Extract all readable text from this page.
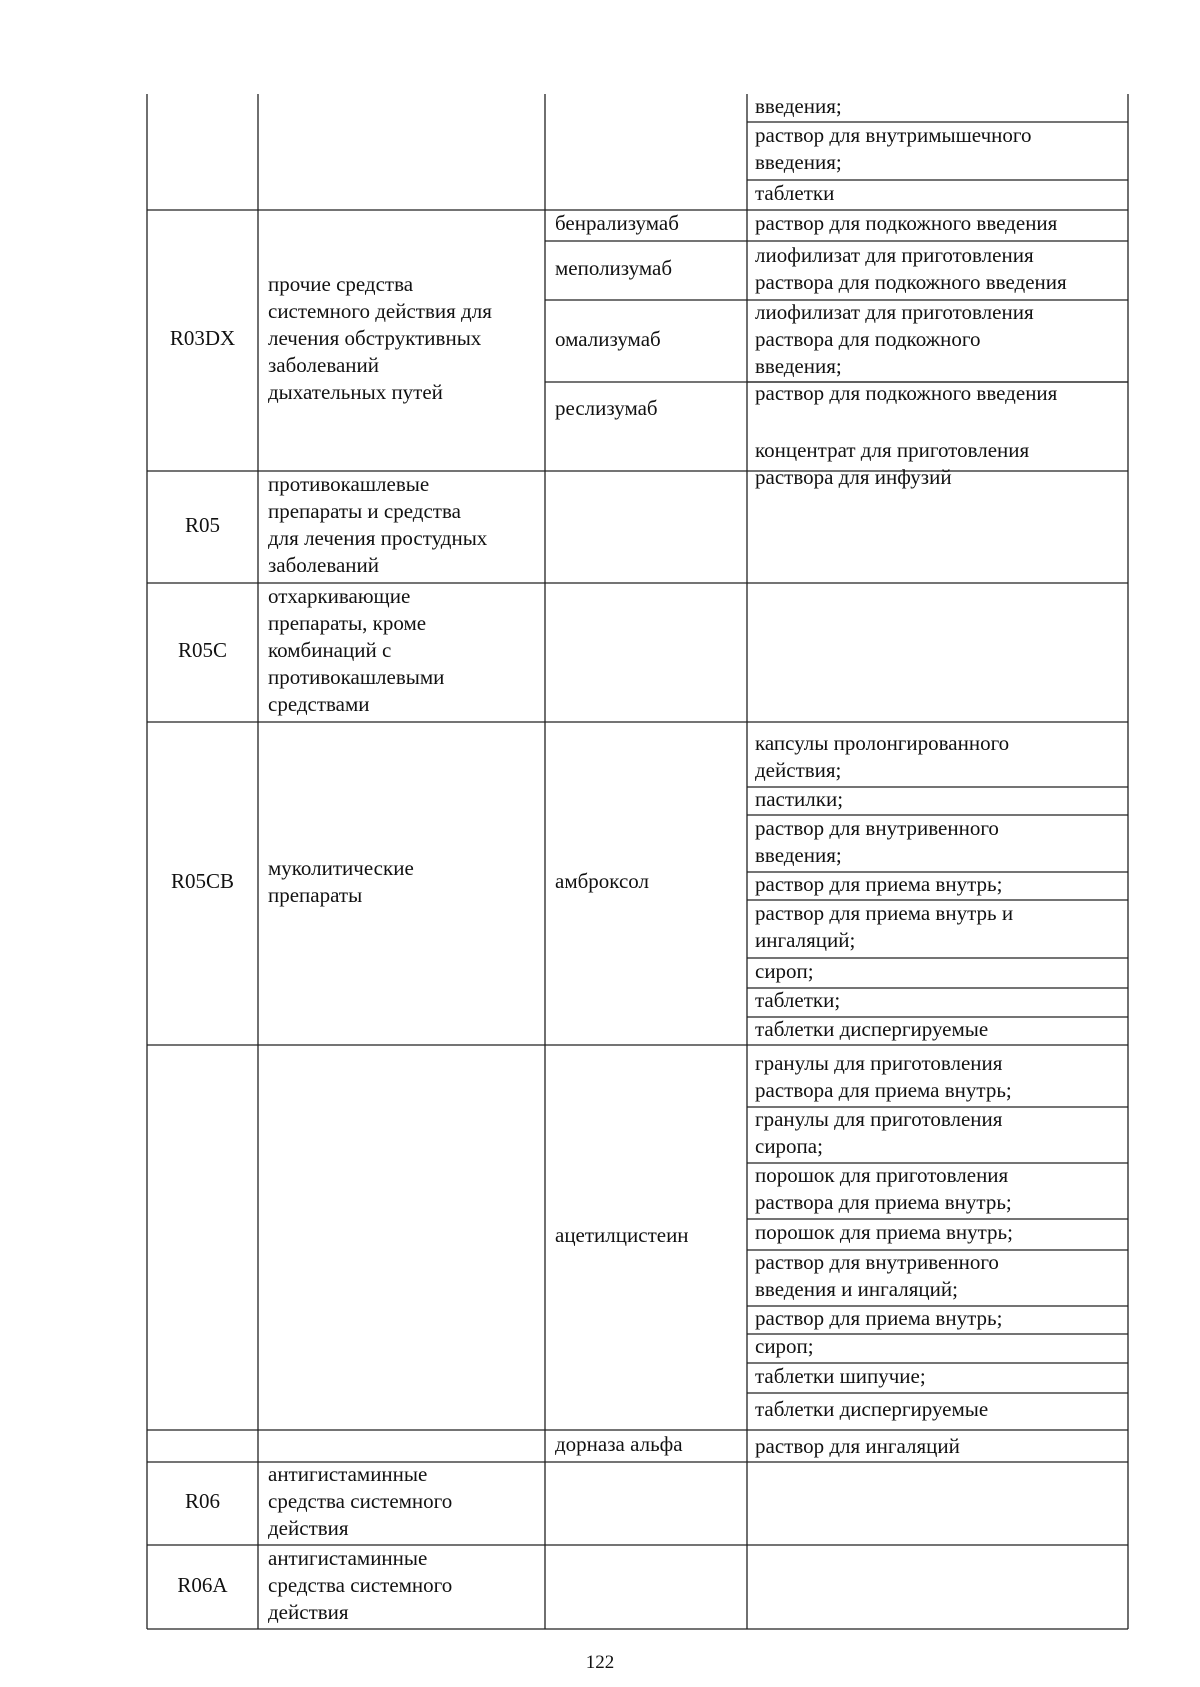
введения;
раствор для внутримышечного
введения;
таблетки
R03DX
прочие средства
системного действия для
лечения обструктивных
заболеваний
дыхательных путей
бенрализумаб	раствор для подкожного введения
меполизумаб
лиофилизат для приготовления
раствора для подкожного введения
омализумаб
лиофилизат для приготовления
раствора для подкожного
введения;
раствор для подкожного введения
реслизумаб
концентрат для приготовления
раствора для инфузий
R05
противокашлевые
препараты и средства
для лечения простудных
заболеваний
R05C
отхаркивающие
препараты, кроме
комбинаций с
противокашлевыми
средствами
R05CB
муколитические
препараты
амброксол
капсулы пролонгированного
действия;
пастилки;
раствор для внутривенного
введения;
раствор для приема внутрь;
раствор для приема внутрь и
ингаляций;
сироп;
таблетки;
таблетки диспергируемые
ацетилцистеин
гранулы для приготовления
раствора для приема внутрь;
гранулы для приготовления
сиропа;
порошок для приготовления
раствора для приема внутрь;
порошок для приема внутрь;
раствор для внутривенного
введения и ингаляций;
раствор для приема внутрь;
сироп;
таблетки шипучие;
таблетки диспергируемые
дорназа альфа	раствор для ингаляций
R06
антигистаминные
средства системного
действия
R06A
антигистаминные
средства системного
действия
122
